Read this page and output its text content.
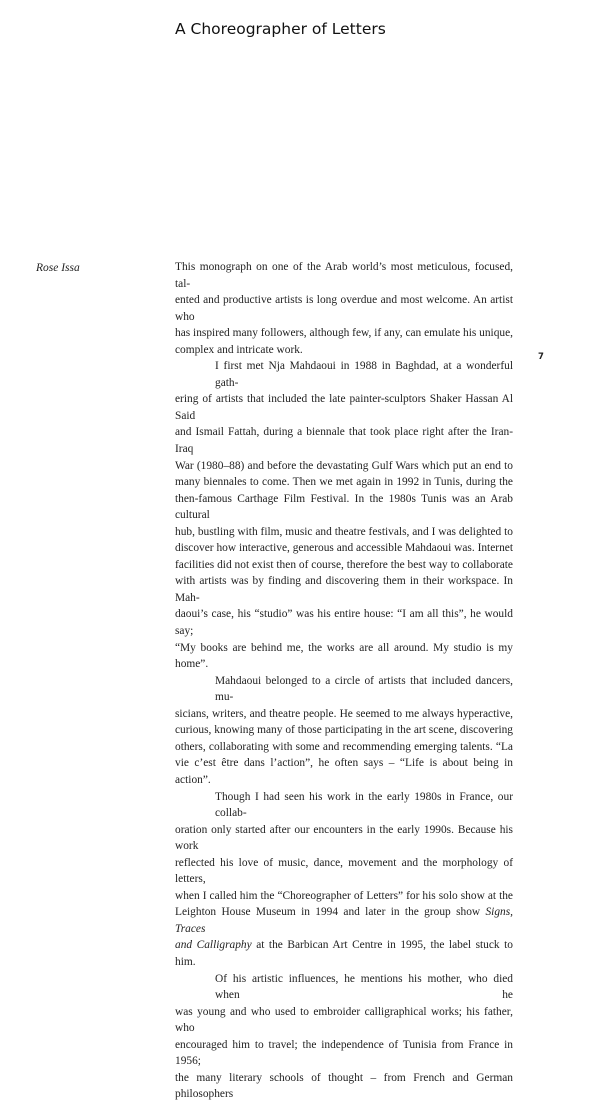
A Choreographer of Letters
Rose Issa
7
This monograph on one of the Arab world’s most meticulous, focused, tal-
ented and productive artists is long overdue and most welcome. An artist who
has inspired many followers, although few, if any, can emulate his unique,
complex and intricate work.
I first met Nja Mahdaoui in 1988 in Baghdad, at a wonderful gath-
ering of artists that included the late painter-sculptors Shaker Hassan Al Said
and Ismail Fattah, during a biennale that took place right after the Iran-Iraq
War (1980–88) and before the devastating Gulf Wars which put an end to
many biennales to come. Then we met again in 1992 in Tunis, during the
then-famous Carthage Film Festival. In the 1980s Tunis was an Arab cultural
hub, bustling with film, music and theatre festivals, and I was delighted to
discover how interactive, generous and accessible Mahdaoui was. Internet
facilities did not exist then of course, therefore the best way to collaborate
with artists was by finding and discovering them in their workspace. In Mah-
daoui’s case, his “studio” was his entire house: “I am all this”, he would say;
“My books are behind me, the works are all around. My studio is my home”.
Mahdaoui belonged to a circle of artists that included dancers, mu-
sicians, writers, and theatre people. He seemed to me always hyperactive,
curious, knowing many of those participating in the art scene, discovering
others, collaborating with some and recommending emerging talents. “La
vie c’est être dans l’action”, he often says – “Life is about being in action”.
Though I had seen his work in the early 1980s in France, our collab-
oration only started after our encounters in the early 1990s. Because his work
reflected his love of music, dance, movement and the morphology of letters,
when I called him the “Choreographer of Letters” for his solo show at the
Leighton House Museum in 1994 and later in the group show Signs, Traces
and Calligraphy at the Barbican Art Centre in 1995, the label stuck to him.
Of his artistic influences, he mentions his mother, who died when he
was young and who used to embroider calligraphical works; his father, who
encouraged him to travel; the independence of Tunisia from France in 1956;
the many literary schools of thought – from French and German philosophers
